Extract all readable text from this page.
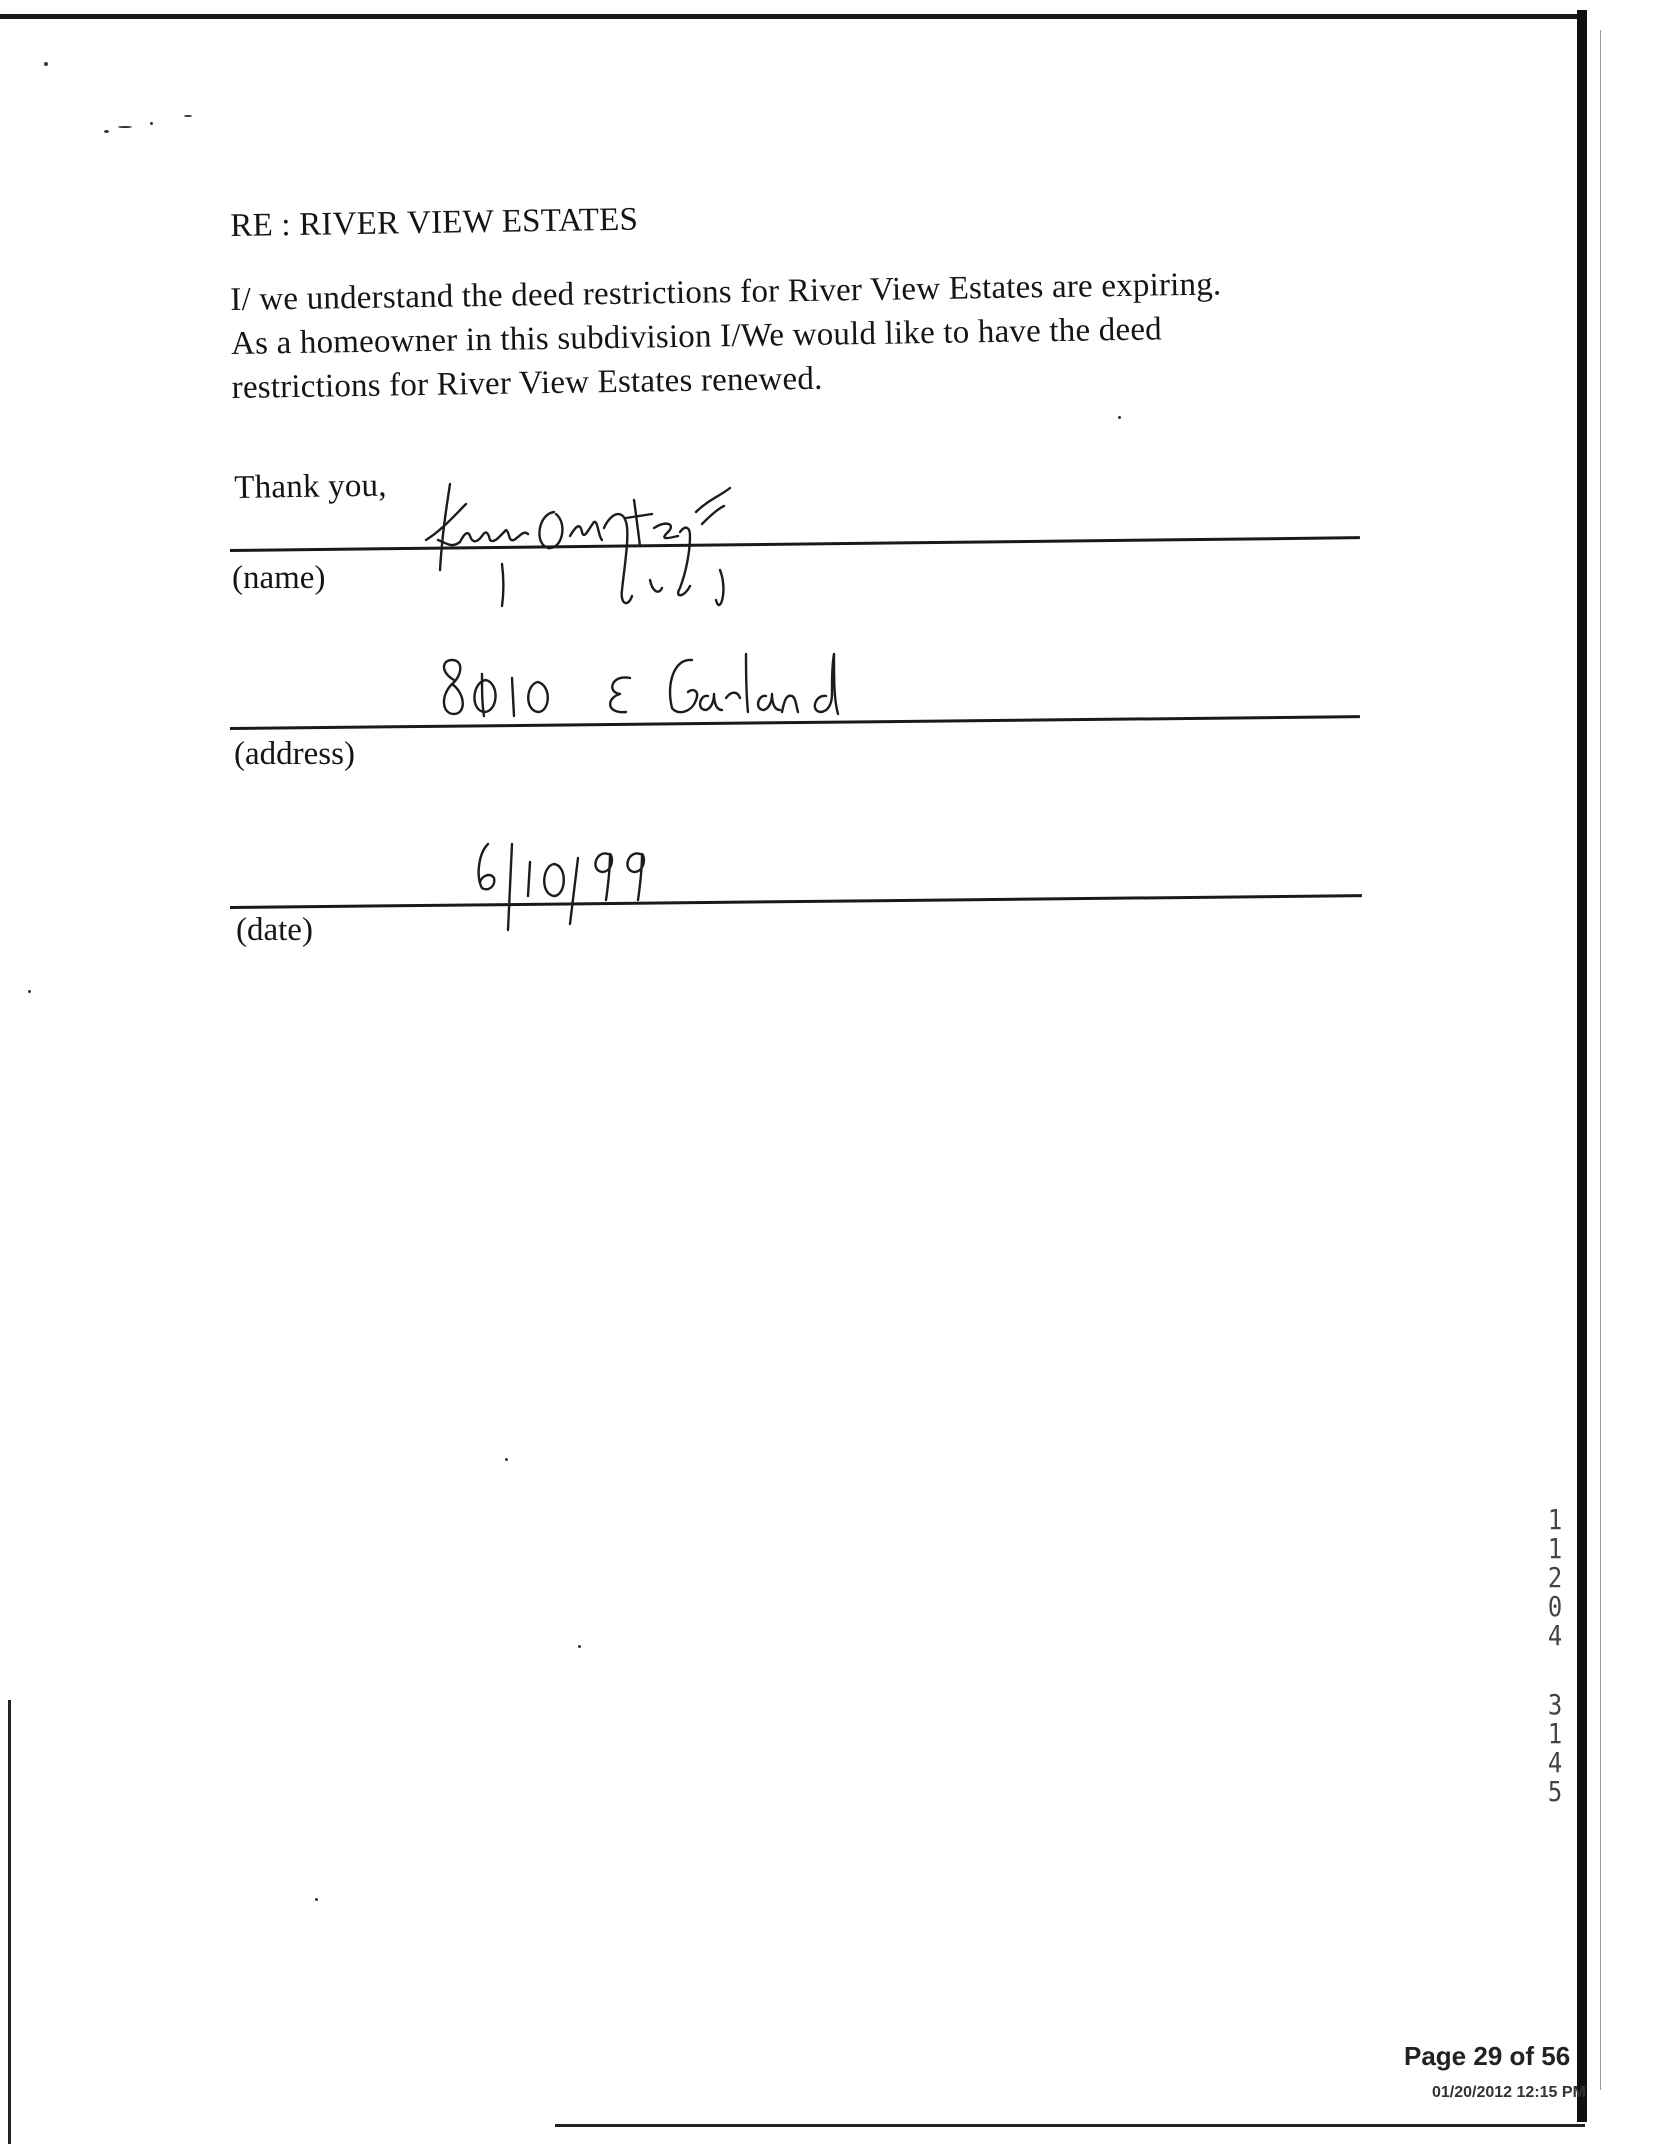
RE : RIVER VIEW ESTATES
I/ we understand the deed restrictions for River View Estates are expiring.
As a homeowner in this subdivision I/We would like to have the deed
restrictions for River View Estates renewed.
Thank you,
(name)
(address)
(date)
1
1
2
0
4
3
1
4
5
Page 29 of 56
01/20/2012 12:15 PM
